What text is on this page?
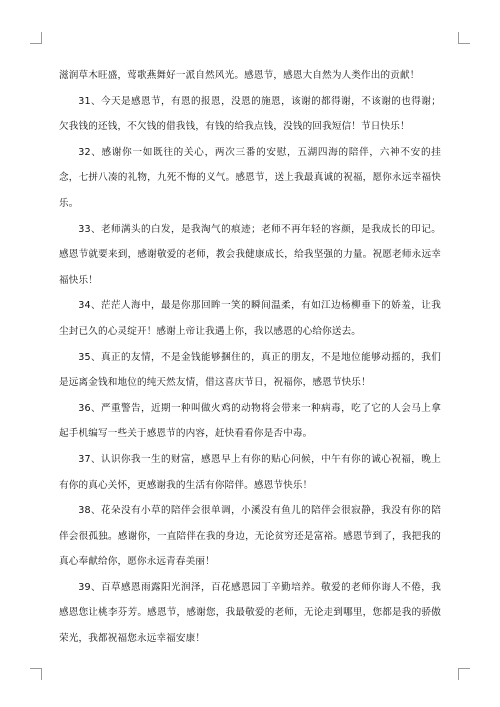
滋润草木旺盛，莺歌燕舞好一派自然风光。感恩节，感恩大自然为人类作出的贡献！

31、今天是感恩节，有恩的报恩，没恩的施恩，该谢的都得谢，不该谢的也得谢；欠我钱的还钱，不欠钱的借我钱，有钱的给我点钱，没钱的回我短信！节日快乐！

32、感谢你一如既往的关心，两次三番的安慰，五湖四海的陪伴，六神不安的挂念，七拼八凑的礼物，九死不悔的义气。感恩节，送上我最真诚的祝福，愿你永远幸福快乐。

33、老师满头的白发，是我淘气的痕迹；老师不再年轻的容颜，是我成长的印记。感恩节就要来到，感谢敬爱的老师，教会我健康成长，给我坚强的力量。祝愿老师永远幸福快乐！

34、茫茫人海中，最是你那回眸一笑的瞬间温柔，有如江边杨柳垂下的娇羞，让我尘封已久的心灵绽开！感谢上帝让我遇上你，我以感恩的心给你送去。

35、真正的友情，不是金钱能够捆住的，真正的朋友，不是地位能够动摇的，我们是远离金钱和地位的纯天然友情，借这喜庆节日，祝福你，感恩节快乐！

36、严重警告，近期一种叫做火鸡的动物将会带来一种病毒，吃了它的人会马上拿起手机编写一些关于感恩节的内容，赶快看看你是否中毒。

37、认识你我一生的财富，感恩早上有你的贴心问候，中午有你的诚心祝福，晚上有你的真心关怀，更感谢我的生活有你陪伴。感恩节快乐！

38、花朵没有小草的陪伴会很单调，小溪没有鱼儿的陪伴会很寂静，我没有你的陪伴会很孤独。感谢你，一直陪伴在我的身边，无论贫穷还是富裕。感恩节到了，我把我的真心奉献给你，愿你永远青春美丽！

39、百草感恩雨露阳光润泽，百花感恩园丁辛勤培养。敬爱的老师你诲人不倦，我感恩您让桃李芬芳。感恩节，感谢您，我最敬爱的老师，无论走到哪里，您都是我的骄傲荣光，我都祝福您永远幸福安康！
